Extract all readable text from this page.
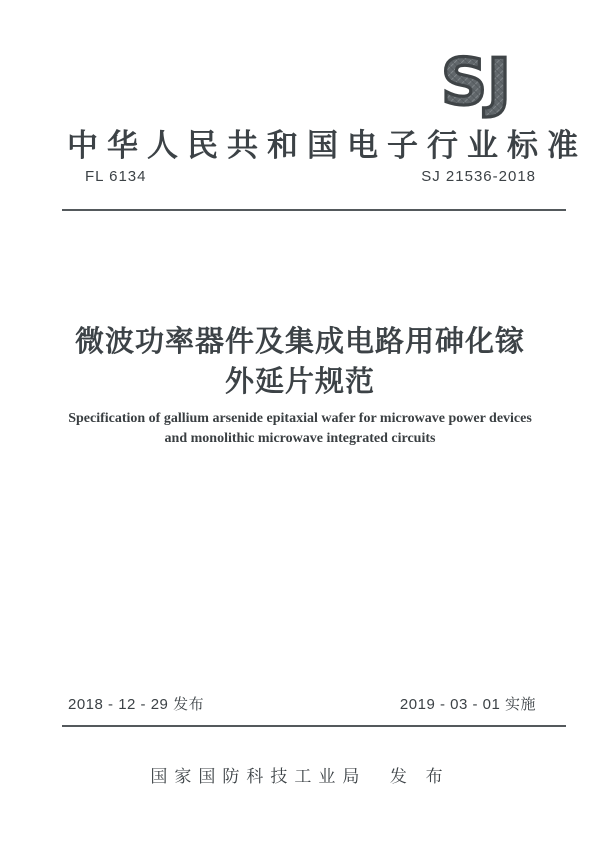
SJ
中华人民共和国电子行业标准
FL 6134	SJ 21536-2018
微波功率器件及集成电路用砷化镓
外延片规范
Specification of gallium arsenide epitaxial wafer for microwave power devices
and monolithic microwave integrated circuits
2018 - 12 - 29 发布	2019 - 03 - 01 实施
国家国防科技工业局  发 布
